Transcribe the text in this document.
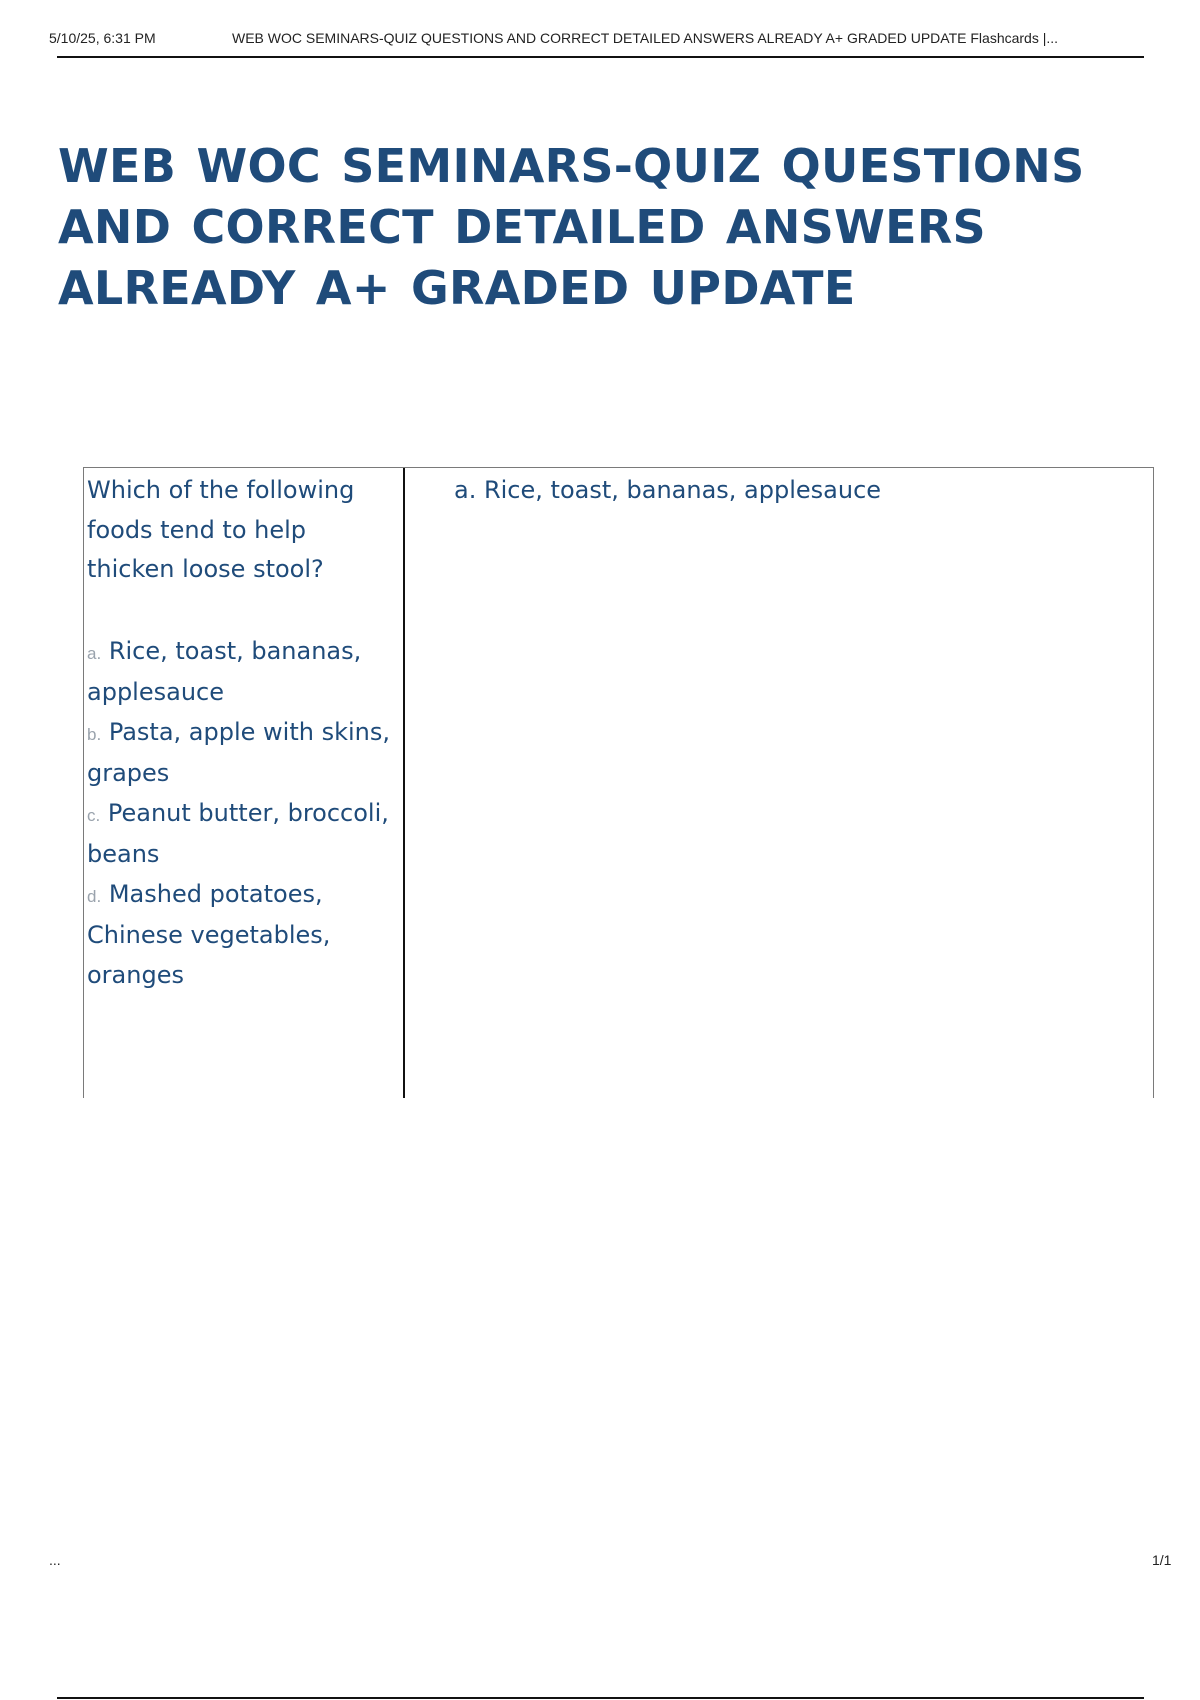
5/10/25, 6:31 PM	WEB WOC SEMINARS-QUIZ QUESTIONS AND CORRECT DETAILED ANSWERS ALREADY A+ GRADED UPDATE Flashcards |...
WEB WOC SEMINARS-QUIZ QUESTIONS AND CORRECT DETAILED ANSWERS ALREADY A+ GRADED UPDATE
Which of the following foods tend to help thicken loose stool?

a. Rice, toast, bananas, applesauce

b. Pasta, apple with skins, grapes

c. Peanut butter, broccoli, beans

d. Mashed potatoes, Chinese vegetables, oranges

a. Rice, toast, bananas, applesauce
...	1/1
